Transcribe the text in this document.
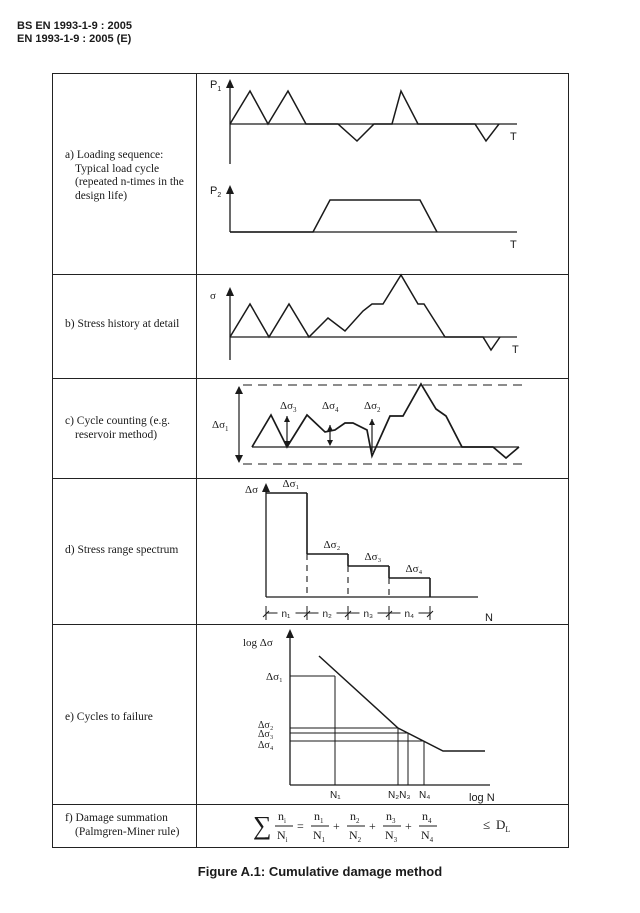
BS EN 1993-1-9 : 2005
EN 1993-1-9 : 2005 (E)
a) Loading sequence:
Typical load cycle
(repeated n-times in the
design life)
$P_1$
T
$P_2$
T
b) Stress history at detail
σ
T
c) Cycle counting (e.g.
reservoir method)
$\Delta\sigma_1$
$\Delta\sigma_3$ $\Delta\sigma_4$ $\Delta\sigma_2$
d) Stress range spectrum
Δσ
N
Δσ₁
Δσ₂
Δσ₃
Δσ₄
n₁	n₂	n₃	n₄
e) Cycles to failure
log Δσ
log N
Δσ₁
Δσ₂
Δσ₃
Δσ₄
N₁	N₂N₃ N₄
f) Damage summation
(Palmgren-Miner rule)	∑ $n_i$
$N_i$
=
$n_1$
$N_1$
+
$n_2$
$N_2$
+
$n_3$
$N_3$
+
$n_4$
$N_4$
≤ $D_L$
Figure A.1: Cumulative damage method
